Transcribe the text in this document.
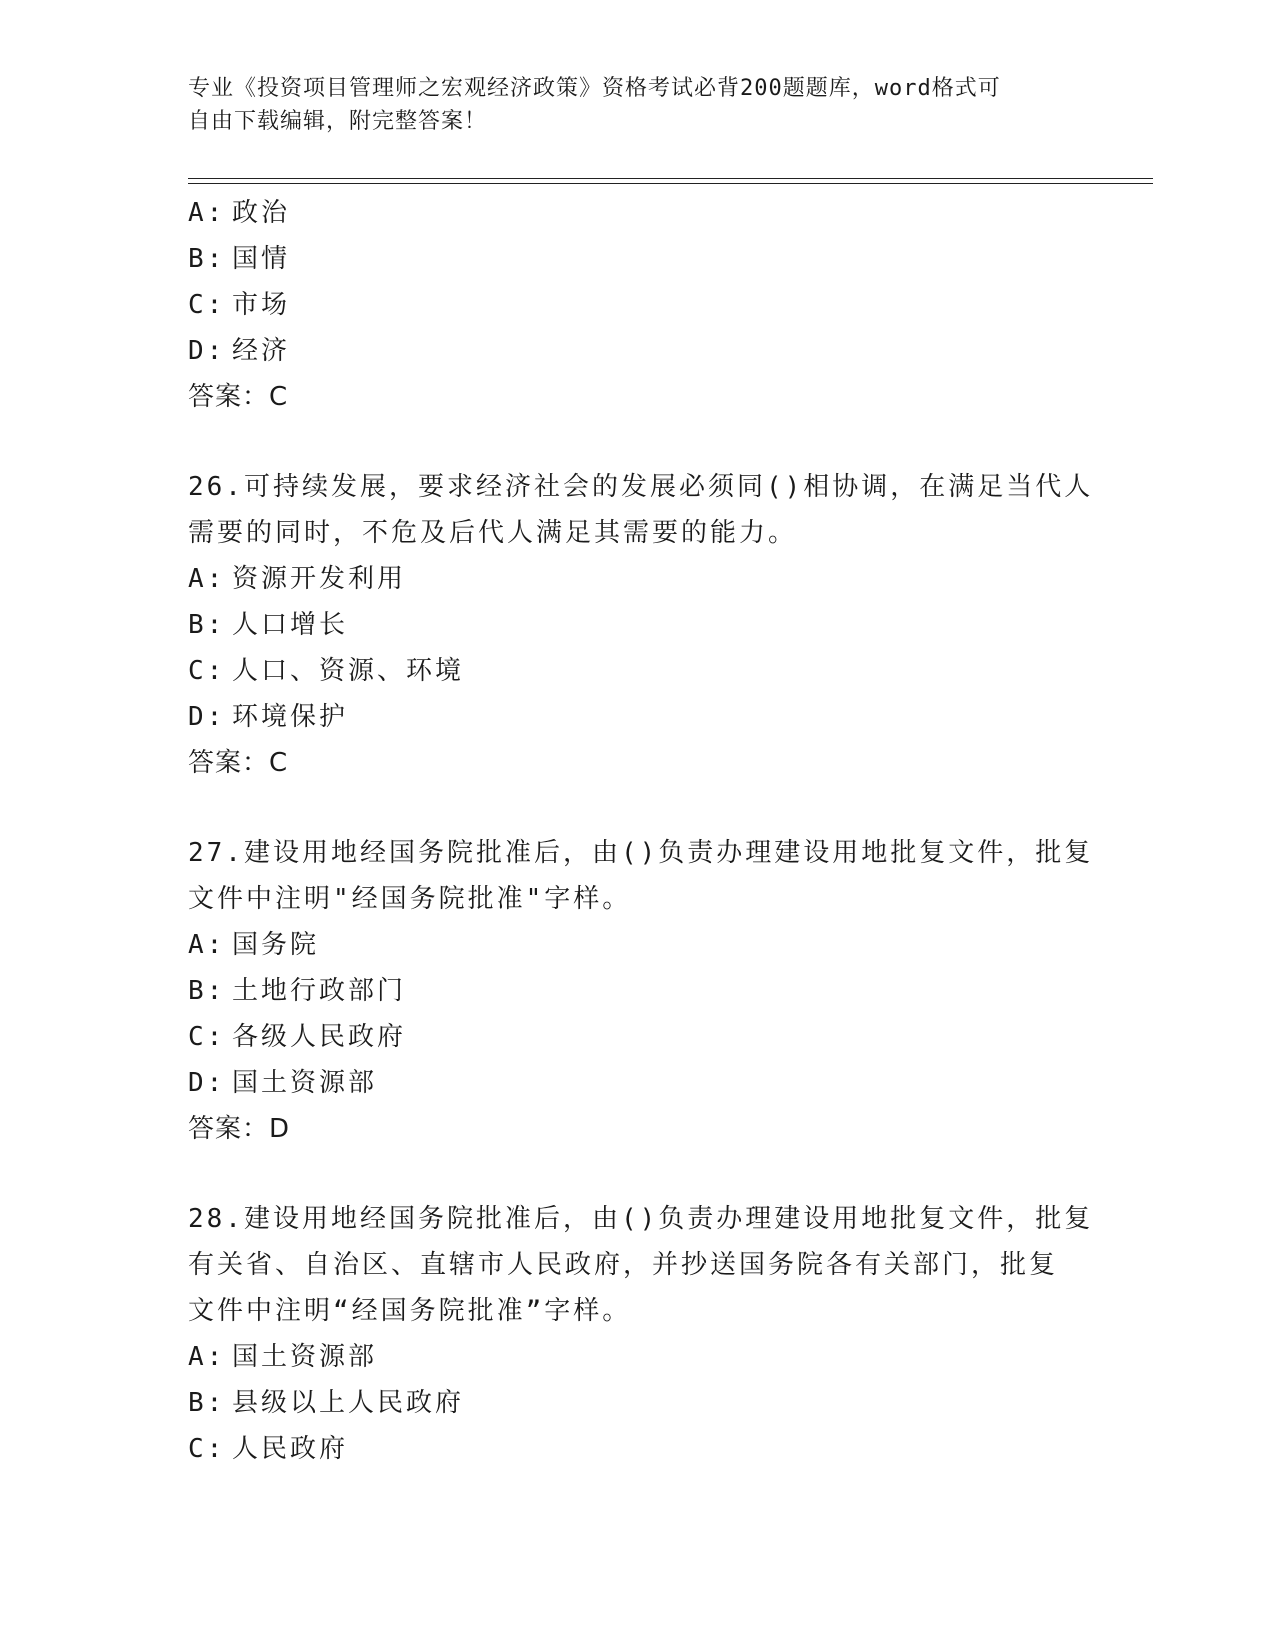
专业《投资项目管理师之宏观经济政策》资格考试必背200题题库，word格式可
自由下载编辑，附完整答案！
A: 政治
B: 国情
C: 市场
D: 经济
答案：C
26.可持续发展，要求经济社会的发展必须同()相协调，在满足当代人
需要的同时，不危及后代人满足其需要的能力。
A: 资源开发利用
B: 人口增长
C: 人口、资源、环境
D: 环境保护
答案：C
27.建设用地经国务院批准后，由()负责办理建设用地批复文件，批复
文件中注明"经国务院批准"字样。
A: 国务院
B: 土地行政部门
C: 各级人民政府
D: 国土资源部
答案：D
28.建设用地经国务院批准后，由()负责办理建设用地批复文件，批复
有关省、自治区、直辖市人民政府，并抄送国务院各有关部门，批复
文件中注明“经国务院批准”字样。
A: 国土资源部
B: 县级以上人民政府
C: 人民政府
